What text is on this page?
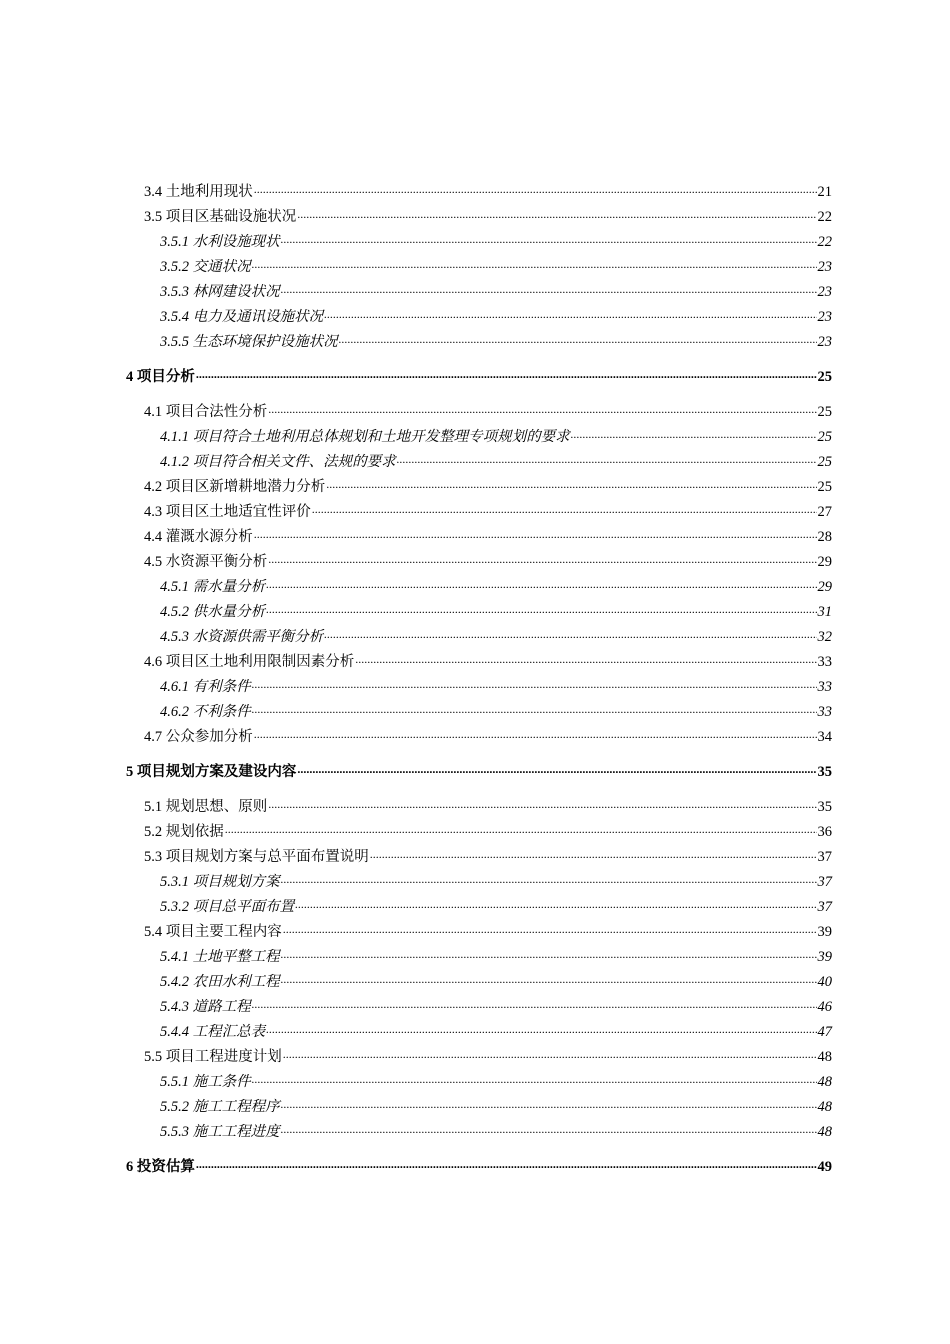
3.4 土地利用现状 .....	21
3.5 项目区基础设施状况 .....	22
3.5.1 水利设施现状 .....	22
3.5.2 交通状况 .....	23
3.5.3 林网建设状况 .....	23
3.5.4 电力及通讯设施状况 .....	23
3.5.5 生态环境保护设施状况 .....	23
4 项目分析 .....	25
4.1 项目合法性分析 .....	25
4.1.1 项目符合土地利用总体规划和土地开发整理专项规划的要求 .....	25
4.1.2 项目符合相关文件、法规的要求 .....	25
4.2 项目区新增耕地潜力分析 .....	25
4.3 项目区土地适宜性评价 .....	27
4.4 灌溉水源分析 .....	28
4.5 水资源平衡分析 .....	29
4.5.1 需水量分析 .....	29
4.5.2 供水量分析 .....	31
4.5.3 水资源供需平衡分析 .....	32
4.6 项目区土地利用限制因素分析 .....	33
4.6.1 有利条件 .....	33
4.6.2 不利条件 .....	33
4.7 公众参加分析 .....	34
5 项目规划方案及建设内容 .....	35
5.1 规划思想、原则 .....	35
5.2 规划依据 .....	36
5.3 项目规划方案与总平面布置说明 .....	37
5.3.1 项目规划方案 .....	37
5.3.2 项目总平面布置 .....	37
5.4 项目主要工程内容 .....	39
5.4.1 土地平整工程 .....	39
5.4.2 农田水利工程 .....	40
5.4.3 道路工程 .....	46
5.4.4 工程汇总表 .....	47
5.5 项目工程进度计划 .....	48
5.5.1 施工条件 .....	48
5.5.2 施工工程程序 .....	48
5.5.3 施工工程进度 .....	48
6 投资估算 .....	49
